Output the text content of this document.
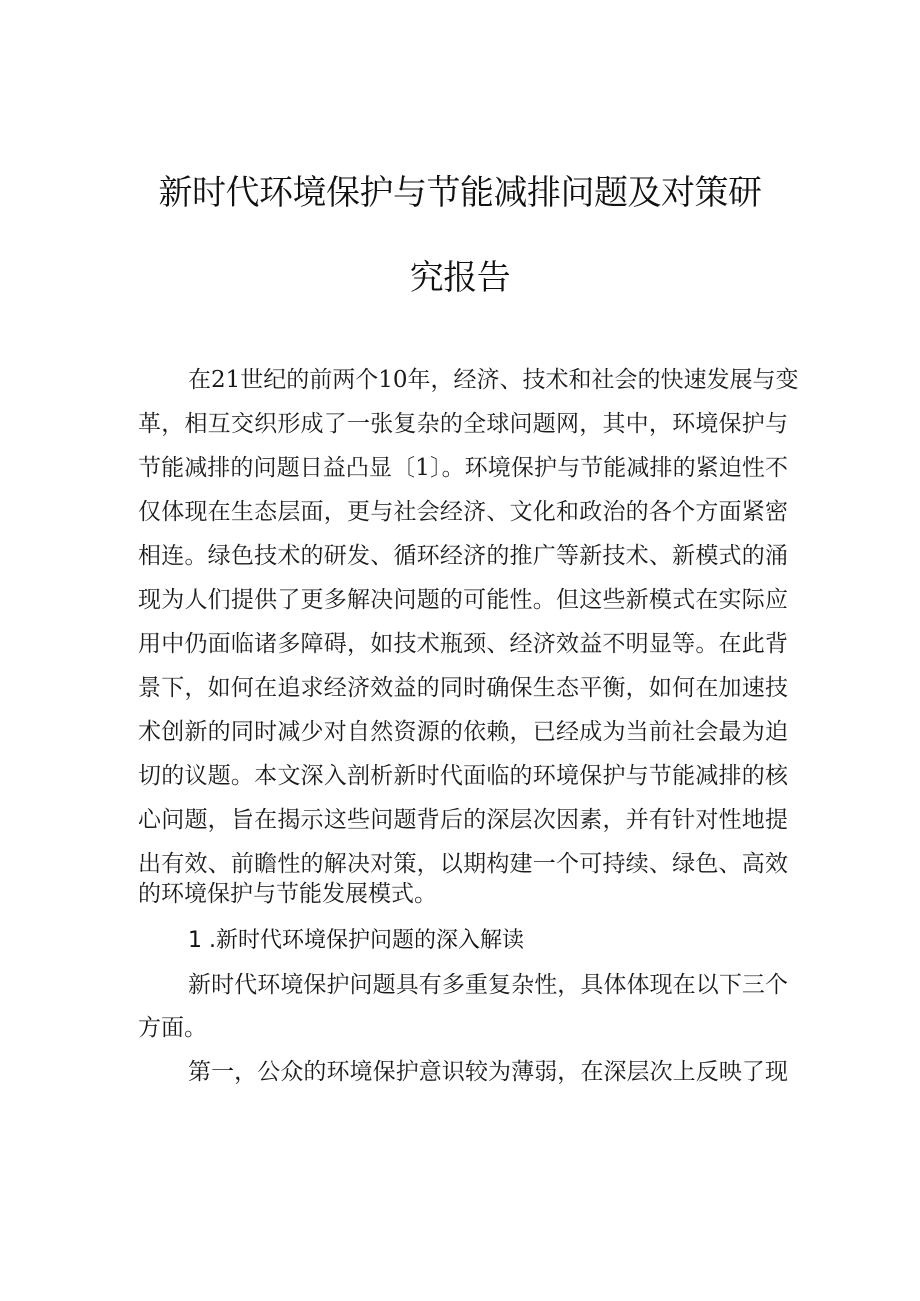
新时代环境保护与节能减排问题及对策研
究报告
在21世纪的前两个10年，经济、技术和社会的快速发展与变
革，相互交织形成了一张复杂的全球问题网，其中，环境保护与
节能减排的问题日益凸显〔1〕。环境保护与节能减排的紧迫性不
仅体现在生态层面，更与社会经济、文化和政治的各个方面紧密
相连。绿色技术的研发、循环经济的推广等新技术、新模式的涌
现为人们提供了更多解决问题的可能性。但这些新模式在实际应
用中仍面临诸多障碍，如技术瓶颈、经济效益不明显等。在此背
景下，如何在追求经济效益的同时确保生态平衡，如何在加速技
术创新的同时减少对自然资源的依赖，已经成为当前社会最为迫
切的议题。本文深入剖析新时代面临的环境保护与节能减排的核
心问题，旨在揭示这些问题背后的深层次因素，并有针对性地提
出有效、前瞻性的解决对策，以期构建一个可持续、绿色、高效
的环境保护与节能发展模式。
1 .新时代环境保护问题的深入解读
新时代环境保护问题具有多重复杂性，具体体现在以下三个
方面。
第一，公众的环境保护意识较为薄弱，在深层次上反映了现
